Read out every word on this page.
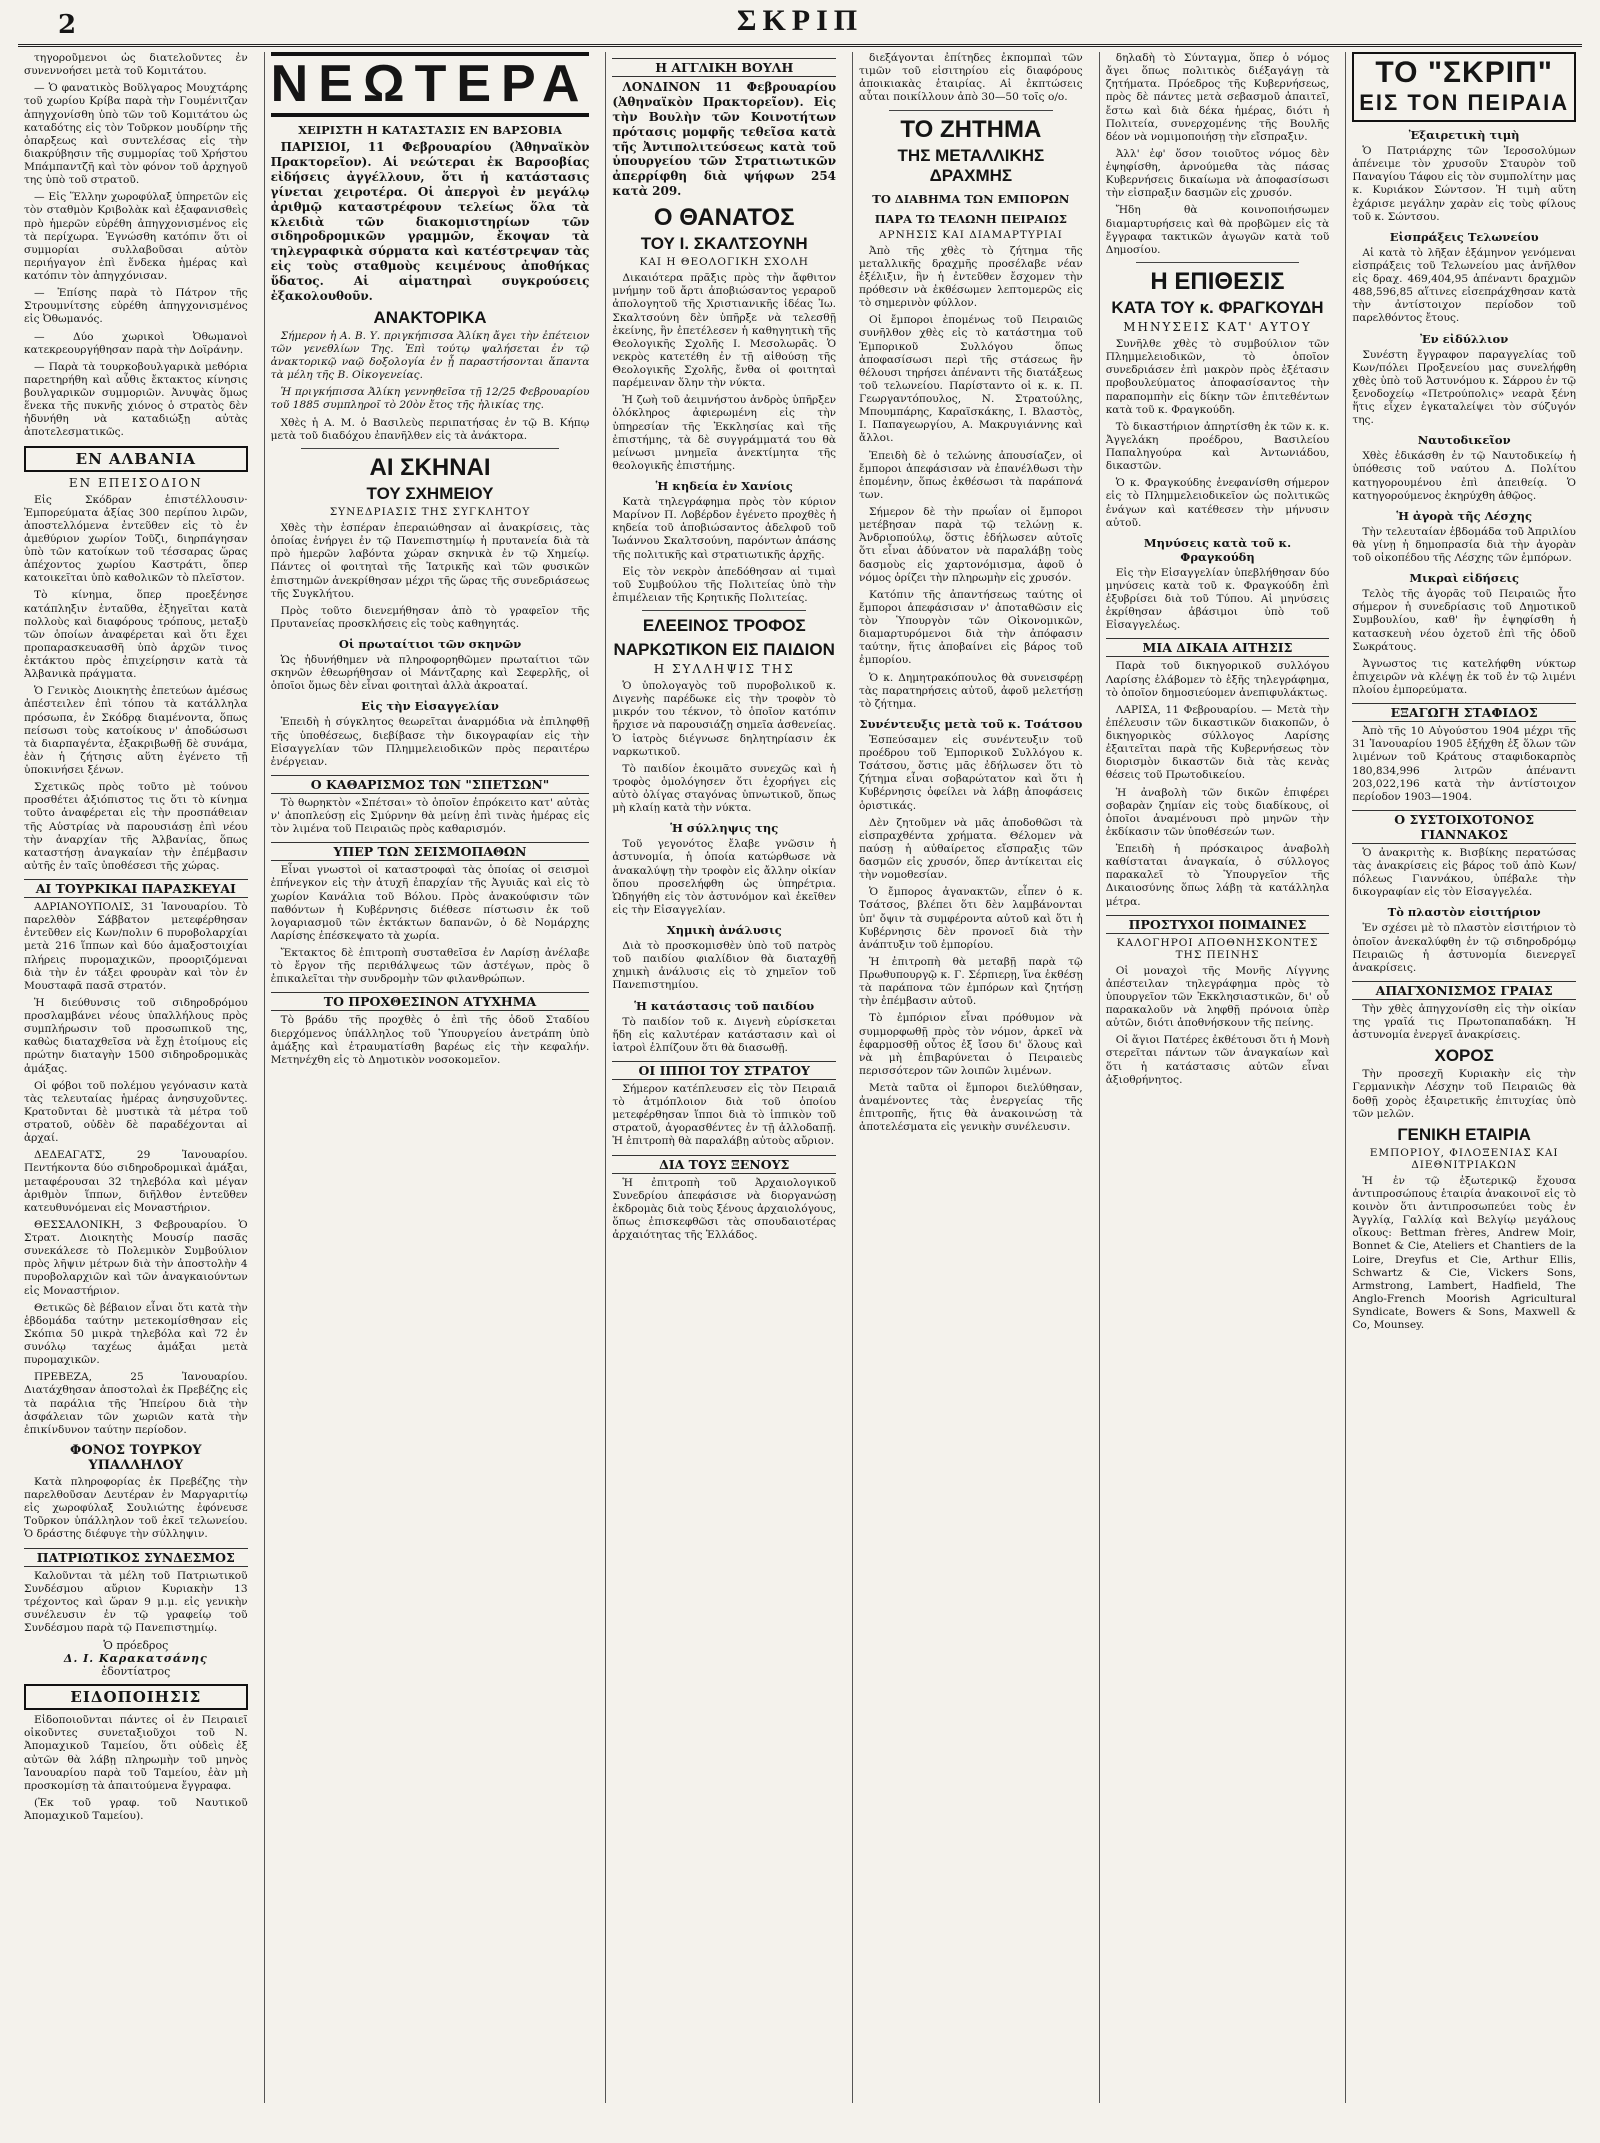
2	ΣΚΡΙΠ

τηγοροῦμενοι ὡς διατελοῦντες ἐν συνεννοήσει μετὰ τοῦ Κομιτάτου.

— Ὁ φανατικὸς Βοῦλγαρος Μουχτάρης τοῦ χωρίου Κρίβα παρὰ τὴν Γουμένιτζαν ἀπηγχονίσθη ὑπὸ τῶν τοῦ Κομιτάτου ὡς καταδότης εἰς τὸν Τοῦρκον μουδίρην τῆς ὁπαρξεως καὶ συντελέσας εἰς τὴν διακρύβησιν τῆς συμμορίας τοῦ Χρήστου Μπάμπαντζῆ καὶ τὸν φόνον τοῦ ἀρχηγοῦ της ὑπὸ τοῦ στρατοῦ.

— Εἰς Ἕλλην χωροφύλαξ ὑπηρετῶν εἰς τὸν σταθμὸν Κριβολὰκ καὶ ἐξαφανισθεὶς πρὸ ἡμερῶν εὑρέθη ἀπηγχονισμένος εἰς τὰ περίχωρα. Ἐγνώσθη κατόπιν ὅτι οἱ συμμορίαι συλλαβοῦσαι αὐτὸν περιήγαγον ἐπὶ ἕνδεκα ἡμέρας καὶ κατόπιν τὸν ἀπηγχόνισαν.

— Ἐπίσης παρὰ τὸ Πάτρον τῆς Στρουμνίτσης εὑρέθη ἀπηγχονισμένος εἰς Ὀθωμανός.

— Δύο χωρικοὶ Ὀθωμανοὶ κατεκρεουργήθησαν παρὰ τὴν Δοϊράνην.

— Παρὰ τὰ τουρκοβουλγαρικὰ μεθόρια παρετηρήθη καὶ αὖθις ἔκτακτος κίνησις βουλγαρικῶν συμμοριῶν. Ἀνυψὰς ὅμως ἕνεκα τῆς πυκνῆς χιόνος ὁ στρατὸς δὲν ἠδυνήθη νὰ καταδιώξῃ αὐτὰς ἀποτελεσματικῶς.

ΕΝ ΑΛΒΑΝΙΑ
ΕΝ ΕΠΕΙΣΟΔΙΟΝ

Εἰς Σκόδραν ἐπιστέλλουσιν· Ἐμπορεύματα ἀξίας 300 περίπου λιρῶν, ἀποστελλόμενα ἐντεῦθεν εἰς τὸ ἐν ἀμεθύριον χωρίον Τοῦζι, διηρπάγησαν ὑπὸ τῶν κατοίκων τοῦ τέσσαρας ὥρας ἀπέχοντος χωρίου Καστράτι, ὅπερ κατοικεῖται ὑπὸ καθολικῶν τὸ πλεῖστον.

Τὸ κίνημα, ὅπερ προεξένησε κατάπληξιν ἐνταῦθα, ἐξηγεῖται κατὰ πολλοὺς καὶ διαφόρους τρόπους, μεταξὺ τῶν ὁποίων ἀναφέρεται καὶ ὅτι ἔχει προπαρασκευασθῆ ὑπὸ ἀρχῶν τινος ἐκτάκτου πρὸς ἐπιχείρησιν κατὰ τὰ Ἀλβανικὰ πράγματα.

Ὁ Γενικὸς Διοικητὴς ἐπετεύων ἀμέσως ἀπέστειλεν ἐπὶ τόπου τὰ κατάλληλα πρόσωπα, ἐν Σκόδρᾳ διαμένοντα, ὅπως πείσωσι τοὺς κατοίκους ν' ἀποδώσωσι τὰ διαρπαγέντα, ἐξακριβωθῇ δὲ συνάμα, ἐὰν ἡ ζήτησις αὕτη ἐγένετο τῇ ὑποκινήσει ξένων.

Σχετικῶς πρὸς τοῦτο μὲ τούνου προσθέτει ἀξιόπιστος τις ὅτι τὸ κίνημα τοῦτο ἀναφέρεται εἰς τὴν προσπάθειαν τῆς Αὐστρίας νὰ παρουσιάσῃ ἐπὶ νέου τὴν ἀναρχίαν τῆς Ἀλβανίας, ὅπως καταστήσῃ ἀναγκαίαν τὴν ἐπέμβασιν αὐτῆς ἐν ταῖς ὑποθέσεσι τῆς χώρας.

ΑΙ ΤΟΥΡΚΙΚΑΙ ΠΑΡΑΣΚΕΥΑΙ

ΑΔΡΙΑΝΟΥΠΟΛΙΣ, 31 Ἰανουαρίου. Τὸ παρελθὸν Σάββατον μετεφέρθησαν ἐντεῦθεν εἰς Κων/πολιν 6 πυροβολαρχίαι μετὰ 216 ἵππων καὶ δύο ἀμαξοστοιχίαι πλήρεις πυρομαχικῶν, προοριζόμεναι διὰ τὴν ἐν τάξει φρουρὰν καὶ τὸν ἐν Μουσταφᾶ πασᾶ στρατόν.

Ἡ διεύθυνσις τοῦ σιδηροδρόμου προσλαμβάνει νέους ὑπαλλήλους πρὸς συμπλήρωσιν τοῦ προσωπικοῦ της, καθὼς διαταχθεῖσα νὰ ἔχῃ ἑτοίμους εἰς πρώτην διαταγὴν 1500 σιδηροδρομικὰς ἁμάξας.

Οἱ φόβοι τοῦ πολέμου γεγόνασιν κατὰ τὰς τελευταίας ἡμέρας ἀνησυχοῦντες. Κρατοῦνται δὲ μυστικὰ τὰ μέτρα τοῦ στρατοῦ, οὐδὲν δὲ παραδέχονται αἱ ἀρχαί.

ΔΕΔΕΑΓΑΤΣ, 29 Ἰανουαρίου. Πεντήκοντα δύο σιδηροδρομικαὶ ἁμάξαι, μεταφέρουσαι 32 τηλεβόλα καὶ μέγαν ἀριθμὸν ἵππων, διῆλθον ἐντεῦθεν κατευθυνόμεναι εἰς Μοναστήριον.

ΘΕΣΣΑΛΟΝΙΚΗ, 3 Φεβρουαρίου. Ὁ Στρατ. Διοικητὴς Μουσίρ πασᾶς συνεκάλεσε τὸ Πολεμικὸν Συμβούλιον πρὸς λῆψιν μέτρων διὰ τὴν ἀποστολὴν 4 πυροβολαρχιῶν καὶ τῶν ἀναγκαιούντων εἰς Μοναστήριον.

Θετικῶς δὲ βέβαιον εἶναι ὅτι κατὰ τὴν ἑβδομάδα ταύτην μετεκομίσθησαν εἰς Σκόπια 50 μικρὰ τηλεβόλα καὶ 72 ἐν συνόλῳ ταχέως ἁμάξαι μετὰ πυρομαχικῶν.

ΠΡΕΒΕΖΑ, 25 Ἰανουαρίου. Διατάχθησαν ἀποστολαὶ ἐκ Πρεβέζης εἰς τὰ παράλια τῆς Ἠπείρου διὰ τὴν ἀσφάλειαν τῶν χωριῶν κατὰ τὴν ἐπικίνδυνον ταύτην περίοδον.

ΦΟΝΟΣ ΤΟΥΡΚΟΥ ΥΠΑΛΛΗΛΟΥ

Κατὰ πληροφορίας ἐκ Πρεβέζης τὴν παρελθοῦσαν Δευτέραν ἐν Μαργαριτίῳ εἰς χωροφύλαξ Σουλιώτης ἐφόνευσε Τοῦρκον ὑπάλληλον τοῦ ἐκεῖ τελωνείου. Ὁ δράστης διέφυγε τὴν σύλληψιν.

ΠΑΤΡΙΩΤΙΚΟΣ ΣΥΝΔΕΣΜΟΣ

Καλοῦνται τὰ μέλη τοῦ Πατριωτικοῦ Συνδέσμου αὔριον Κυριακὴν 13 τρέχοντος καὶ ὥραν 9 μ.μ. εἰς γενικὴν συνέλευσιν ἐν τῷ γραφείῳ τοῦ Συνδέσμου παρὰ τῷ Πανεπιστημίῳ.

Ὁ πρόεδρος
Δ. Ι. Καρακατσάνης
ἐδοντίατρος
ΕΙΔΟΠΟΙΗΣΙΣ

Εἰδοποιοῦνται πάντες οἱ ἐν Πειραιεῖ οἰκοῦντες συνεταξιοῦχοι τοῦ Ν. Ἀπομαχικοῦ Ταμείου, ὅτι οὐδεὶς ἐξ αὐτῶν θὰ λάβῃ πληρωμὴν τοῦ μηνὸς Ἰανουαρίου παρὰ τοῦ Ταμείου, ἐὰν μὴ προσκομίσῃ τὰ ἀπαιτούμενα ἔγγραφα.

(Ἐκ τοῦ γραφ. τοῦ Ναυτικοῦ Ἀπομαχικοῦ Ταμείου).

ΝΕΩΤΕΡΑ
ΧΕΙΡΙΣΤΗ Η ΚΑΤΑΣΤΑΣΙΣ ΕΝ ΒΑΡΣΟΒΙΑ

ΠΑΡΙΣΙΟΙ, 11 Φεβρουαρίου (Ἀθηναϊκὸν Πρακτορεῖον). Αἱ νεώτεραι ἐκ Βαρσοβίας εἰδήσεις ἀγγέλλουν, ὅτι ἡ κατάστασις γίνεται χειροτέρα. Οἱ ἀπεργοὶ ἐν μεγάλῳ ἀριθμῷ καταστρέφουν τελείως ὅλα τὰ κλειδιὰ τῶν διακομιστηρίων τῶν σιδηροδρομικῶν γραμμῶν, ἔκοψαν τὰ τηλεγραφικὰ σύρματα καὶ κατέστρεψαν τὰς εἰς τοὺς σταθμοὺς κειμένους ἀποθήκας ὕδατος. Αἱ αἱματηραὶ συγκρούσεις ἐξακολουθοῦν.

ΑΝΑΚΤΟΡΙΚΑ

Σήμερον ἡ Α. Β. Υ. πριγκήπισσα Ἀλίκη ἄγει τὴν ἐπέτειον τῶν γενεθλίων Της. Ἐπὶ τούτῳ ψαλήσεται ἐν τῷ ἀνακτορικῷ ναῷ δοξολογία ἐν ᾗ παραστήσονται ἅπαντα τὰ μέλη τῆς Β. Οἰκογενείας.

Ἡ πριγκήπισσα Ἀλίκη γεννηθεῖσα τῇ 12/25 Φεβρουαρίου τοῦ 1885 συμπληροῖ τὸ 20ὸν ἔτος τῆς ἡλικίας της.

Χθὲς ἡ Α. Μ. ὁ Βασιλεὺς περιπατήσας ἐν τῷ Β. Κήπῳ μετὰ τοῦ διαδόχου ἐπανῆλθεν εἰς τὰ ἀνάκτορα.

ΑΙ ΣΚΗΝΑΙ
ΤΟΥ ΣΧΗΜΕΙΟΥ
ΣΥΝΕΔΡΙΑΣΙΣ ΤΗΣ ΣΥΓΚΛΗΤΟΥ

Χθὲς τὴν ἑσπέραν ἐπεραιώθησαν αἱ ἀνακρίσεις, τὰς ὁποίας ἐνήργει ἐν τῷ Πανεπιστημίῳ ἡ πρυτανεία διὰ τὰ πρὸ ἡμερῶν λαβόντα χώραν σκηνικὰ ἐν τῷ Χημείῳ. Πάντες οἱ φοιτηταὶ τῆς Ἰατρικῆς καὶ τῶν φυσικῶν ἐπιστημῶν ἀνεκρίθησαν μέχρι τῆς ὥρας τῆς συνεδριάσεως τῆς Συγκλήτου.

Πρὸς τοῦτο διενεμήθησαν ἀπὸ τὸ γραφεῖον τῆς Πρυτανείας προσκλήσεις εἰς τοὺς καθηγητάς.

Οἱ πρωταίτιοι τῶν σκηνῶν

Ὡς ἠδυνήθημεν νὰ πληροφορηθῶμεν πρωταίτιοι τῶν σκηνῶν ἐθεωρήθησαν οἱ Μάντζαρης καὶ Σεφερλῆς, οἱ ὁποῖοι ὅμως δὲν εἶναι φοιτηταὶ ἀλλὰ ἀκροαταί.

Εἰς τὴν Εἰσαγγελίαν

Ἐπειδὴ ἡ σύγκλητος θεωρεῖται ἀναρμόδια νὰ ἐπιληφθῇ τῆς ὑποθέσεως, διεβίβασε τὴν δικογραφίαν εἰς τὴν Εἰσαγγελίαν τῶν Πλημμελειοδικῶν πρὸς περαιτέρω ἐνέργειαν.

Ο ΚΑΘΑΡΙΣΜΟΣ ΤΩΝ "ΣΠΕΤΣΩΝ"

Τὸ θωρηκτὸν «Σπέτσαι» τὸ ὁποῖον ἐπρόκειτο κατ' αὐτὰς ν' ἀποπλεύσῃ εἰς Σμύρνην θὰ μείνῃ ἐπὶ τινὰς ἡμέρας εἰς τὸν λιμένα τοῦ Πειραιῶς πρὸς καθαρισμόν.

ΥΠΕΡ ΤΩΝ ΣΕΙΣΜΟΠΑΘΩΝ

Εἶναι γνωστοὶ οἱ καταστροφαὶ τὰς ὁποίας οἱ σεισμοὶ ἐπήνεγκον εἰς τὴν ἀτυχῆ ἐπαρχίαν τῆς Ἀγυιᾶς καὶ εἰς τὸ χωρίον Κανάλια τοῦ Βόλου. Πρὸς ἀνακούφισιν τῶν παθόντων ἡ Κυβέρνησις διέθεσε πίστωσιν ἐκ τοῦ λογαριασμοῦ τῶν ἐκτάκτων δαπανῶν, ὁ δὲ Νομάρχης Λαρίσης ἐπέσκεψατο τὰ χωρία.

Ἔκτακτος δὲ ἐπιτροπὴ συσταθεῖσα ἐν Λαρίσῃ ἀνέλαβε τὸ ἔργον τῆς περιθάλψεως τῶν ἀστέγων, πρὸς ὃ ἐπικαλεῖται τὴν συνδρομὴν τῶν φιλανθρώπων.

ΤΟ ΠΡΟΧΘΕΣΙΝΟΝ ΑΤΥΧΗΜΑ

Τὸ βράδυ τῆς προχθὲς ὁ ἐπὶ τῆς ὁδοῦ Σταδίου διερχόμενος ὑπάλληλος τοῦ Ὑπουργείου ἀνετράπη ὑπὸ ἁμάξης καὶ ἐτραυματίσθη βαρέως εἰς τὴν κεφαλήν. Μετηνέχθη εἰς τὸ Δημοτικὸν νοσοκομεῖον.

Η ΑΓΓΛΙΚΗ ΒΟΥΛΗ

ΛΟΝΔΙΝΟΝ 11 Φεβρουαρίου (Ἀθηναϊκὸν Πρακτορεῖον). Εἰς τὴν Βουλὴν τῶν Κοινοτήτων πρότασις μομφῆς τεθεῖσα κατὰ τῆς Ἀντιπολιτεύσεως κατὰ τοῦ ὑπουργείου τῶν Στρατιωτικῶν ἀπερρίφθη διὰ ψήφων 254 κατὰ 209.

Ο ΘΑΝΑΤΟΣ
ΤΟΥ Ι. ΣΚΑΛΤΣΟΥΝΗ
ΚΑΙ Η ΘΕΟΛΟΓΙΚΗ ΣΧΟΛΗ

Δικαιότερα πρᾶξις πρὸς τὴν ἄφθιτον μνήμην τοῦ ἄρτι ἀποβιώσαντος γεραροῦ ἀπολογητοῦ τῆς Χριστιανικῆς ἰδέας Ἰω. Σκαλτσούνη δὲν ὑπῆρξε νὰ τελεσθῇ ἐκείνης, ἣν ἐπετέλεσεν ἡ καθηγητικὴ τῆς Θεολογικῆς Σχολῆς Ι. Μεσολωρᾶς. Ὁ νεκρὸς κατετέθη ἐν τῇ αἰθούσῃ τῆς Θεολογικῆς Σχολῆς, ἔνθα οἱ φοιτηταὶ παρέμειναν ὅλην τὴν νύκτα.

Ἡ ζωὴ τοῦ ἀειμνήστου ἀνδρὸς ὑπῆρξεν ὁλόκληρος ἀφιερωμένη εἰς τὴν ὑπηρεσίαν τῆς Ἐκκλησίας καὶ τῆς ἐπιστήμης, τὰ δὲ συγγράμματά του θὰ μείνωσι μνημεῖα ἀνεκτίμητα τῆς θεολογικῆς ἐπιστήμης.

Ἡ κηδεία ἐν Χανίοις

Κατὰ τηλεγράφημα πρὸς τὸν κύριον Μαρίνον Π. Λοβέρδον ἐγένετο προχθὲς ἡ κηδεία τοῦ ἀποβιώσαντος ἀδελφοῦ τοῦ Ἰωάννου Σκαλτσούνη, παρόντων ἁπάσης τῆς πολιτικῆς καὶ στρατιωτικῆς ἀρχῆς.

Εἰς τὸν νεκρὸν ἀπεδόθησαν αἱ τιμαὶ τοῦ Συμβούλου τῆς Πολιτείας ὑπὸ τὴν ἐπιμέλειαν τῆς Κρητικῆς Πολιτείας.

ΕΛΕΕΙΝΟΣ ΤΡΟΦΟΣ
ΝΑΡΚΩΤΙΚΟΝ ΕΙΣ ΠΑΙΔΙΟΝ
Η ΣΥΛΛΗΨΙΣ ΤΗΣ

Ὁ ὑπολογαγὸς τοῦ πυροβολικοῦ κ. Διγενὴς παρέδωκε εἰς τὴν τροφὸν τὸ μικρόν του τέκνον, τὸ ὁποῖον κατόπιν ἤρχισε νὰ παρουσιάζῃ σημεῖα ἀσθενείας. Ὁ ἰατρὸς διέγνωσε δηλητηρίασιν ἐκ ναρκωτικοῦ.

Τὸ παιδίον ἐκοιμᾶτο συνεχῶς καὶ ἡ τροφὸς ὁμολόγησεν ὅτι ἐχορήγει εἰς αὐτὸ ὀλίγας σταγόνας ὑπνωτικοῦ, ὅπως μὴ κλαίῃ κατὰ τὴν νύκτα.

Ἡ σύλληψις της

Τοῦ γεγονότος ἔλαβε γνῶσιν ἡ ἀστυνομία, ἡ ὁποία κατώρθωσε νὰ ἀνακαλύψῃ τὴν τροφὸν εἰς ἄλλην οἰκίαν ὅπου προσελήφθη ὡς ὑπηρέτρια. Ὡδηγήθη εἰς τὸν ἀστυνόμον καὶ ἐκεῖθεν εἰς τὴν Εἰσαγγελίαν.

Χημικὴ ἀνάλυσις

Διὰ τὸ προσκομισθὲν ὑπὸ τοῦ πατρὸς τοῦ παιδίου φιαλίδιον θὰ διαταχθῇ χημικὴ ἀνάλυσις εἰς τὸ χημεῖον τοῦ Πανεπιστημίου.

Ἡ κατάστασις τοῦ παιδίου

Τὸ παιδίον τοῦ κ. Διγενὴ εὑρίσκεται ἤδη εἰς καλυτέραν κατάστασιν καὶ οἱ ἰατροὶ ἐλπίζουν ὅτι θὰ διασωθῇ.

ΟΙ ΙΠΠΟΙ ΤΟΥ ΣΤΡΑΤΟΥ

Σήμερον κατέπλευσεν εἰς τὸν Πειραιᾶ τὸ ἀτμόπλοιον διὰ τοῦ ὁποίου μετεφέρθησαν ἵπποι διὰ τὸ ἱππικὸν τοῦ στρατοῦ, ἀγορασθέντες ἐν τῇ ἀλλοδαπῇ. Ἡ ἐπιτροπὴ θὰ παραλάβῃ αὐτοὺς αὔριον.

ΔΙΑ ΤΟΥΣ ΞΕΝΟΥΣ

Ἡ ἐπιτροπὴ τοῦ Ἀρχαιολογικοῦ Συνεδρίου ἀπεφάσισε νὰ διοργανώσῃ ἐκδρομὰς διὰ τοὺς ξένους ἀρχαιολόγους, ὅπως ἐπισκεφθῶσι τὰς σπουδαιοτέρας ἀρχαιότητας τῆς Ἑλλάδος.

διεξάγονται ἐπίτηδες ἐκπομπαὶ τῶν τιμῶν τοῦ εἰσιτηρίου εἰς διαφόρους ἀποικιακὰς ἑταιρίας. Αἱ ἐκπτώσεις αὗται ποικίλλουν ἀπὸ 30—50 τοῖς ο/ο.

ΤΟ ΖΗΤΗΜΑ
ΤΗΣ ΜΕΤΑΛΛΙΚΗΣ ΔΡΑΧΜΗΣ
ΤΟ ΔΙΑΒΗΜΑ ΤΩΝ ΕΜΠΟΡΩΝ
ΠΑΡΑ ΤΩ ΤΕΛΩΝΗ ΠΕΙΡΑΙΩΣ
ΑΡΝΗΣΙΣ ΚΑΙ ΔΙΑΜΑΡΤΥΡΙΑΙ

Ἀπὸ τῆς χθὲς τὸ ζήτημα τῆς μεταλλικῆς δραχμῆς προσέλαβε νέαν ἐξέλιξιν, ἣν ἡ ἐντεῦθεν ἔσχομεν τὴν πρόθεσιν νὰ ἐκθέσωμεν λεπτομερῶς εἰς τὸ σημερινὸν φύλλον.

Οἱ ἔμποροι ἐπομένως τοῦ Πειραιῶς συνῆλθον χθὲς εἰς τὸ κατάστημα τοῦ Ἐμπορικοῦ Συλλόγου ὅπως ἀποφασίσωσι περὶ τῆς στάσεως ἣν θέλουσι τηρήσει ἀπέναντι τῆς διατάξεως τοῦ τελωνείου. Παρίσταντο οἱ κ. κ. Π. Γεωργαντόπουλος, Ν. Στρατούλης, Μπουμπάρης, Καραϊσκάκης, Ι. Βλαστὸς, Ι. Παπαγεωργίου, Α. Μακρυγιάννης καὶ ἄλλοι.

Ἐπειδὴ δὲ ὁ τελώνης ἀπουσίαζεν, οἱ ἔμποροι ἀπεφάσισαν νὰ ἐπανέλθωσι τὴν ἑπομένην, ὅπως ἐκθέσωσι τὰ παράπονά των.

Σήμερον δὲ τὴν πρωΐαν οἱ ἔμποροι μετέβησαν παρὰ τῷ τελώνῃ κ. Ἀνδριοπούλῳ, ὅστις ἐδήλωσεν αὐτοῖς ὅτι εἶναι ἀδύνατον νὰ παραλάβῃ τοὺς δασμοὺς εἰς χαρτονόμισμα, ἀφοῦ ὁ νόμος ὁρίζει τὴν πληρωμὴν εἰς χρυσόν.

Κατόπιν τῆς ἀπαντήσεως ταύτης οἱ ἔμποροι ἀπεφάσισαν ν' ἀποταθῶσιν εἰς τὸν Ὑπουργὸν τῶν Οἰκονομικῶν, διαμαρτυρόμενοι διὰ τὴν ἀπόφασιν ταύτην, ἥτις ἀποβαίνει εἰς βάρος τοῦ ἐμπορίου.

Ὁ κ. Δημητρακόπουλος θὰ συνεισφέρῃ τὰς παρατηρήσεις αὐτοῦ, ἀφοῦ μελετήσῃ τὸ ζήτημα.

Συνέντευξις μετὰ τοῦ κ. Τσάτσου

Ἐσπεύσαμεν εἰς συνέντευξιν τοῦ προέδρου τοῦ Ἐμπορικοῦ Συλλόγου κ. Τσάτσου, ὅστις μᾶς ἐδήλωσεν ὅτι τὸ ζήτημα εἶναι σοβαρώτατον καὶ ὅτι ἡ Κυβέρνησις ὀφείλει νὰ λάβῃ ἀποφάσεις ὁριστικάς.

Δὲν ζητοῦμεν νὰ μᾶς ἀποδοθῶσι τὰ εἰσπραχθέντα χρήματα. Θέλομεν νὰ παύσῃ ἡ αὐθαίρετος εἴσπραξις τῶν δασμῶν εἰς χρυσόν, ὅπερ ἀντίκειται εἰς τὴν νομοθεσίαν.

Ὁ ἔμπορος ἀγανακτῶν, εἶπεν ὁ κ. Τσάτσος, βλέπει ὅτι δὲν λαμβάνονται ὑπ' ὄψιν τὰ συμφέροντα αὐτοῦ καὶ ὅτι ἡ Κυβέρνησις δὲν προνοεῖ διὰ τὴν ἀνάπτυξιν τοῦ ἐμπορίου.

Ἡ ἐπιτροπὴ θὰ μεταβῇ παρὰ τῷ Πρωθυπουργῷ κ. Γ. Σέρπιερῃ, ἵνα ἐκθέσῃ τὰ παράπονα τῶν ἐμπόρων καὶ ζητήσῃ τὴν ἐπέμβασιν αὐτοῦ.

Τὸ ἐμπόριον εἶναι πρόθυμον νὰ συμμορφωθῇ πρὸς τὸν νόμον, ἀρκεῖ νὰ ἐφαρμοσθῇ οὗτος ἐξ ἴσου δι' ὅλους καὶ νὰ μὴ ἐπιβαρύνεται ὁ Πειραιεὺς περισσότερον τῶν λοιπῶν λιμένων.

Μετὰ ταῦτα οἱ ἔμποροι διελύθησαν, ἀναμένοντες τὰς ἐνεργείας τῆς ἐπιτροπῆς, ἥτις θὰ ἀνακοινώσῃ τὰ ἀποτελέσματα εἰς γενικὴν συνέλευσιν.

δηλαδὴ τὸ Σύνταγμα, ὅπερ ὁ νόμος ἄγει ὅπως πολιτικὸς διέξαγάγῃ τὰ ζητήματα. Πρόεδρος τῆς Κυβερνήσεως, πρὸς δὲ πάντες μετὰ σεβασμοῦ ἀπαιτεῖ, ἔστω καὶ διὰ δέκα ἡμέρας, διότι ἡ Πολιτεία, συνερχομένης τῆς Βουλῆς δέον νὰ νομιμοποιήσῃ τὴν εἴσπραξιν.

Ἀλλ' ἐφ' ὅσον τοιοῦτος νόμος δὲν ἐψηφίσθη, ἀρνούμεθα τὰς πάσας Κυβερνήσεις δικαίωμα νὰ ἀποφασίσωσι τὴν εἰσπραξιν δασμῶν εἰς χρυσόν.

Ἤδη θὰ κοινοποιήσωμεν διαμαρτυρήσεις καὶ θὰ προβῶμεν εἰς τὰ ἔγγραφα τακτικῶν ἀγωγῶν κατὰ τοῦ Δημοσίου.

Η ΕΠΙΘΕΣΙΣ
ΚΑΤΑ ΤΟΥ κ. ΦΡΑΓΚΟΥΔΗ
ΜΗΝΥΣΕΙΣ ΚΑΤ' ΑΥΤΟΥ

Συνῆλθε χθὲς τὸ συμβούλιον τῶν Πλημμελειοδικῶν, τὸ ὁποῖον συνεδριάσεν ἐπὶ μακρὸν πρὸς ἐξέτασιν προβουλεύματος ἀποφασίσαντος τὴν παραπομπὴν εἰς δίκην τῶν ἐπιτεθέντων κατὰ τοῦ κ. Φραγκούδη.

Τὸ δικαστήριον ἀπηρτίσθη ἐκ τῶν κ. κ. Ἀγγελάκη προέδρου, Βασιλείου Παπαληγούρα καὶ Ἀντωνιάδου, δικαστῶν.

Ὁ κ. Φραγκούδης ἐνεφανίσθη σήμερον εἰς τὸ Πλημμελειοδικεῖον ὡς πολιτικῶς ἐνάγων καὶ κατέθεσεν τὴν μήνυσιν αὐτοῦ.

Μηνύσεις κατὰ τοῦ κ. Φραγκούδη

Εἰς τὴν Εἰσαγγελίαν ὑπεβλήθησαν δύο μηνύσεις κατὰ τοῦ κ. Φραγκούδη ἐπὶ ἐξυβρίσει διὰ τοῦ Τύπου. Αἱ μηνύσεις ἐκρίθησαν ἀβάσιμοι ὑπὸ τοῦ Εἰσαγγελέως.

ΜΙΑ ΔΙΚΑΙΑ ΑΙΤΗΣΙΣ

Παρὰ τοῦ δικηγορικοῦ συλλόγου Λαρίσης ἐλάβομεν τὸ ἑξῆς τηλεγράφημα, τὸ ὁποῖον δημοσιεύομεν ἀνεπιφυλάκτως.

ΛΑΡΙΣΑ, 11 Φεβρουαρίου. — Μετὰ τὴν ἐπέλευσιν τῶν δικαστικῶν διακοπῶν, ὁ δικηγορικὸς σύλλογος Λαρίσης ἐξαιτεῖται παρὰ τῆς Κυβερνήσεως τὸν διορισμὸν δικαστῶν διὰ τὰς κενὰς θέσεις τοῦ Πρωτοδικείου.

Ἡ ἀναβολὴ τῶν δικῶν ἐπιφέρει σοβαρὰν ζημίαν εἰς τοὺς διαδίκους, οἱ ὁποῖοι ἀναμένουσι πρὸ μηνῶν τὴν ἐκδίκασιν τῶν ὑποθέσεών των.

Ἐπειδὴ ἡ πρόσκαιρος ἀναβολὴ καθίσταται ἀναγκαία, ὁ σύλλογος παρακαλεῖ τὸ Ὑπουργεῖον τῆς Δικαιοσύνης ὅπως λάβῃ τὰ κατάλληλα μέτρα.

ΠΡΟΣΤΥΧΟΙ ΠΟΙΜΑΙΝΕΣ
ΚΑΛΟΓΗΡΟΙ ΑΠΟΘΝΗΣΚΟΝΤΕΣ ΤΗΣ ΠΕΙΝΗΣ

Οἱ μοναχοὶ τῆς Μονῆς Λίγγνης ἀπέστειλαν τηλεγράφημα πρὸς τὸ ὑπουργεῖον τῶν Ἐκκλησιαστικῶν, δι' οὗ παρακαλοῦν νὰ ληφθῇ πρόνοια ὑπὲρ αὐτῶν, διότι ἀποθνήσκουν τῆς πείνης.

Οἱ ἅγιοι Πατέρες ἐκθέτουσι ὅτι ἡ Μονὴ στερεῖται πάντων τῶν ἀναγκαίων καὶ ὅτι ἡ κατάστασις αὐτῶν εἶναι ἀξιοθρήνητος.

ΤΟ "ΣΚΡΙΠ"
ΕΙΣ ΤΟΝ ΠΕΙΡΑΙΑ
Ἐξαιρετικὴ τιμὴ

Ὁ Πατριάρχης τῶν Ἱεροσολύμων ἀπένειμε τὸν χρυσοῦν Σταυρὸν τοῦ Παναγίου Τάφου εἰς τὸν συμπολίτην μας κ. Κυριάκον Σώντσον. Ἡ τιμὴ αὕτη ἐχάρισε μεγάλην χαρὰν εἰς τοὺς φίλους τοῦ κ. Σώντσου.

Εἰσπράξεις Τελωνείου

Αἱ κατὰ τὸ λῆξαν ἑξάμηνον γενόμεναι εἰσπράξεις τοῦ Τελωνείου μας ἀνῆλθον εἰς δραχ. 469,404,95 ἀπέναντι δραχμῶν 488,596,85 αἵτινες εἰσεπράχθησαν κατὰ τὴν ἀντίστοιχον περίοδον τοῦ παρελθόντος ἔτους.

Ἐν εἰδύλλιον

Συνέστη ἔγγραφον παραγγελίας τοῦ Κων/πόλει Προξενείου μας συνελήφθη χθὲς ὑπὸ τοῦ Ἀστυνόμου κ. Σάρρου ἐν τῷ ξενοδοχείῳ «Πετρούπολις» νεαρὰ ξένη ἥτις εἶχεν ἐγκαταλείψει τὸν σύζυγόν της.

Ναυτοδικεῖον

Χθὲς ἐδικάσθη ἐν τῷ Ναυτοδικείῳ ἡ ὑπόθεσις τοῦ ναύτου Δ. Πολίτου κατηγορουμένου ἐπὶ ἀπειθείᾳ. Ὁ κατηγορούμενος ἐκηρύχθη ἀθῷος.

Ἡ ἀγορὰ τῆς Λέσχης

Τὴν τελευταίαν ἑβδομάδα τοῦ Ἀπριλίου θὰ γίνῃ ἡ δημοπρασία διὰ τὴν ἀγορὰν τοῦ οἰκοπέδου τῆς Λέσχης τῶν ἐμπόρων.

Μικραὶ εἰδήσεις

Τελὸς τῆς ἀγορᾶς τοῦ Πειραιῶς ἦτο σήμερον ἡ συνεδρίασις τοῦ Δημοτικοῦ Συμβουλίου, καθ' ἣν ἐψηφίσθη ἡ κατασκευὴ νέου ὀχετοῦ ἐπὶ τῆς ὁδοῦ Σωκράτους.

Ἀγνωστος τις κατελήφθη νύκτωρ ἐπιχειρῶν νὰ κλέψῃ ἐκ τοῦ ἐν τῷ λιμένι πλοίου ἐμπορεύματα.

ΕΞΑΓΩΓΗ ΣΤΑΦΙΔΟΣ

Ἀπὸ τῆς 10 Αὐγούστου 1904 μέχρι τῆς 31 Ἰανουαρίου 1905 ἐξήχθη ἐξ ὅλων τῶν λιμένων τοῦ Κράτους σταφιδοκαρπὸς 180,834,996 λιτρῶν ἀπέναντι 203,022,196 κατὰ τὴν ἀντίστοιχον περίοδον 1903—1904.

Ο ΣΥΣΤΟΙΧΟΤΟΝΟΣ ΓΙΑΝΝΑΚΟΣ

Ὁ ἀνακριτὴς κ. Βισβίκης περατώσας τὰς ἀνακρίσεις εἰς βάρος τοῦ ἀπὸ Κων/πόλεως Γιαννάκου, ὑπέβαλε τὴν δικογραφίαν εἰς τὸν Εἰσαγγελέα.

Τὸ πλαστὸν εἰσιτήριον

Ἐν σχέσει μὲ τὸ πλαστὸν εἰσιτήριον τὸ ὁποῖον ἀνεκαλύφθη ἐν τῷ σιδηροδρόμῳ Πειραιῶς ἡ ἀστυνομία διενεργεῖ ἀνακρίσεις.

ΑΠΑΓΧΟΝΙΣΜΟΣ ΓΡΑΙΑΣ

Τὴν χθὲς ἀπηγχονίσθη εἰς τὴν οἰκίαν της γραῖά τις Πρωτοπαπαδάκη. Ἡ ἀστυνομία ἐνεργεῖ ἀνακρίσεις.

ΧΟΡΟΣ

Τὴν προσεχῆ Κυριακὴν εἰς τὴν Γερμανικὴν Λέσχην τοῦ Πειραιῶς θὰ δοθῇ χορὸς ἐξαιρετικῆς ἐπιτυχίας ὑπὸ τῶν μελῶν.

ΓΕΝΙΚΗ ΕΤΑΙΡΙΑ
ΕΜΠΟΡΙΟΥ, ΦΙΛΟΞΕΝΙΑΣ ΚΑΙ ΔΙΕΘΝΙΤΡΙΑΚΩΝ

Ἡ ἐν τῷ ἐξωτερικῷ ἔχουσα ἀντιπροσώπους ἑταιρία ἀνακοινοῖ εἰς τὸ κοινὸν ὅτι ἀντιπροσωπεύει τοὺς ἐν Ἀγγλίᾳ, Γαλλίᾳ καὶ Βελγίῳ μεγάλους οἴκους: Bettman frères, Andrew Moir, Bonnet & Cie, Ateliers et Chantiers de la Loire, Dreyfus et Cie, Arthur Ellis, Schwartz & Cie, Vickers Sons, Armstrong, Lambert, Hadfield, The Anglo-French Moorish Agricultural Syndicate, Bowers & Sons, Maxwell & Co, Mounsey.
